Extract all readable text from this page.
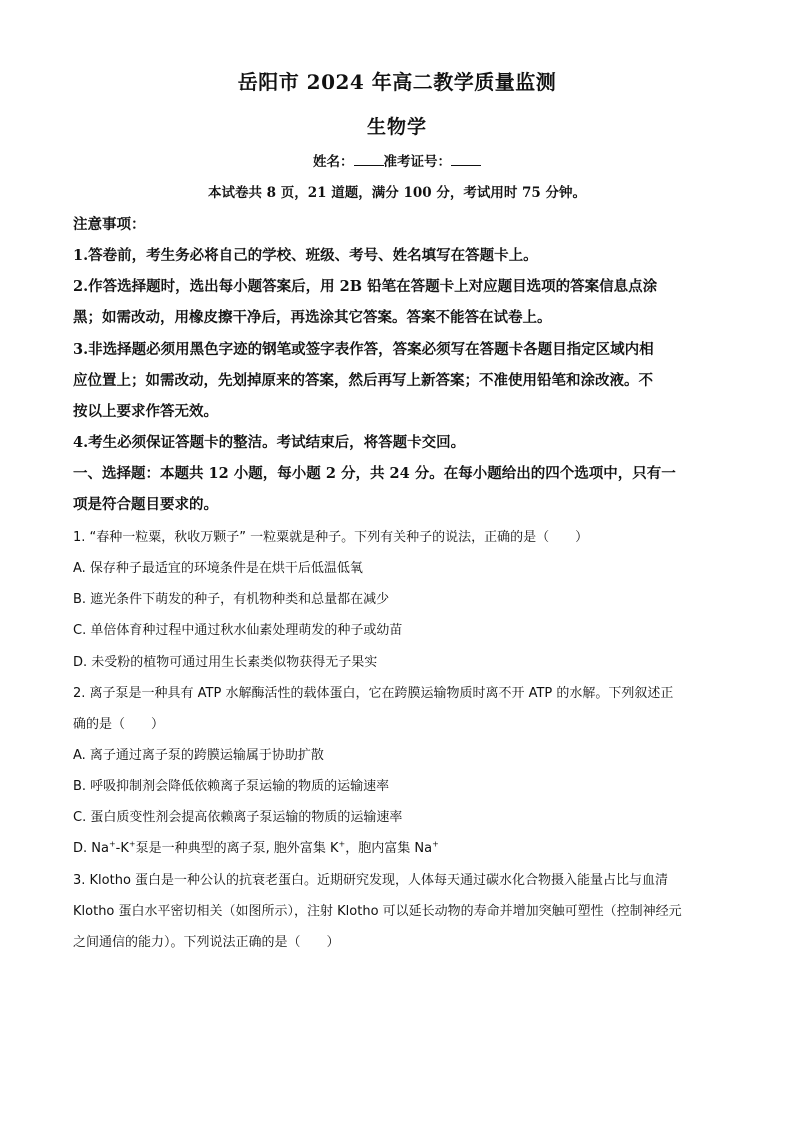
岳阳市 2024 年高二教学质量监测
生物学
姓名： 准考证号：
本试卷共 8 页，21 道题，满分 100 分，考试用时 75 分钟。
注意事项：
1.答卷前，考生务必将自己的学校、班级、考号、姓名填写在答题卡上。
2.作答选择题时，选出每小题答案后，用 2B 铅笔在答题卡上对应题目选项的答案信息点涂
黑；如需改动，用橡皮擦干净后，再选涂其它答案。答案不能答在试卷上。
3.非选择题必须用黑色字迹的钢笔或签字表作答，答案必须写在答题卡各题目指定区域内相
应位置上；如需改动，先划掉原来的答案，然后再写上新答案；不准使用铅笔和涂改液。不
按以上要求作答无效。
4.考生必须保证答题卡的整洁。考试结束后，将答题卡交回。
一、选择题：本题共 12 小题，每小题 2 分，共 24 分。在每小题给出的四个选项中，只有一
项是符合题目要求的。
1. “春种一粒粟，秋收万颗子” 一粒粟就是种子。下列有关种子的说法，正确的是（　　）
A. 保存种子最适宜的环境条件是在烘干后低温低氧
B. 遮光条件下萌发的种子，有机物种类和总量都在减少
C. 单倍体育种过程中通过秋水仙素处理萌发的种子或幼苗
D. 未受粉的植物可通过用生长素类似物获得无子果实
2. 离子泵是一种具有 ATP 水解酶活性的载体蛋白，它在跨膜运输物质时离不开 ATP 的水解。下列叙述正
确的是（　　）
A. 离子通过离子泵的跨膜运输属于协助扩散
B. 呼吸抑制剂会降低依赖离子泵运输的物质的运输速率
C. 蛋白质变性剂会提高依赖离子泵运输的物质的运输速率
D. Na+-K+泵是一种典型的离子泵, 胞外富集 K+，胞内富集 Na+
3. Klotho 蛋白是一种公认的抗衰老蛋白。近期研究发现，人体每天通过碳水化合物摄入能量占比与血清
Klotho 蛋白水平密切相关（如图所示），注射 Klotho 可以延长动物的寿命并增加突触可塑性（控制神经元
之间通信的能力）。下列说法正确的是（　　）
